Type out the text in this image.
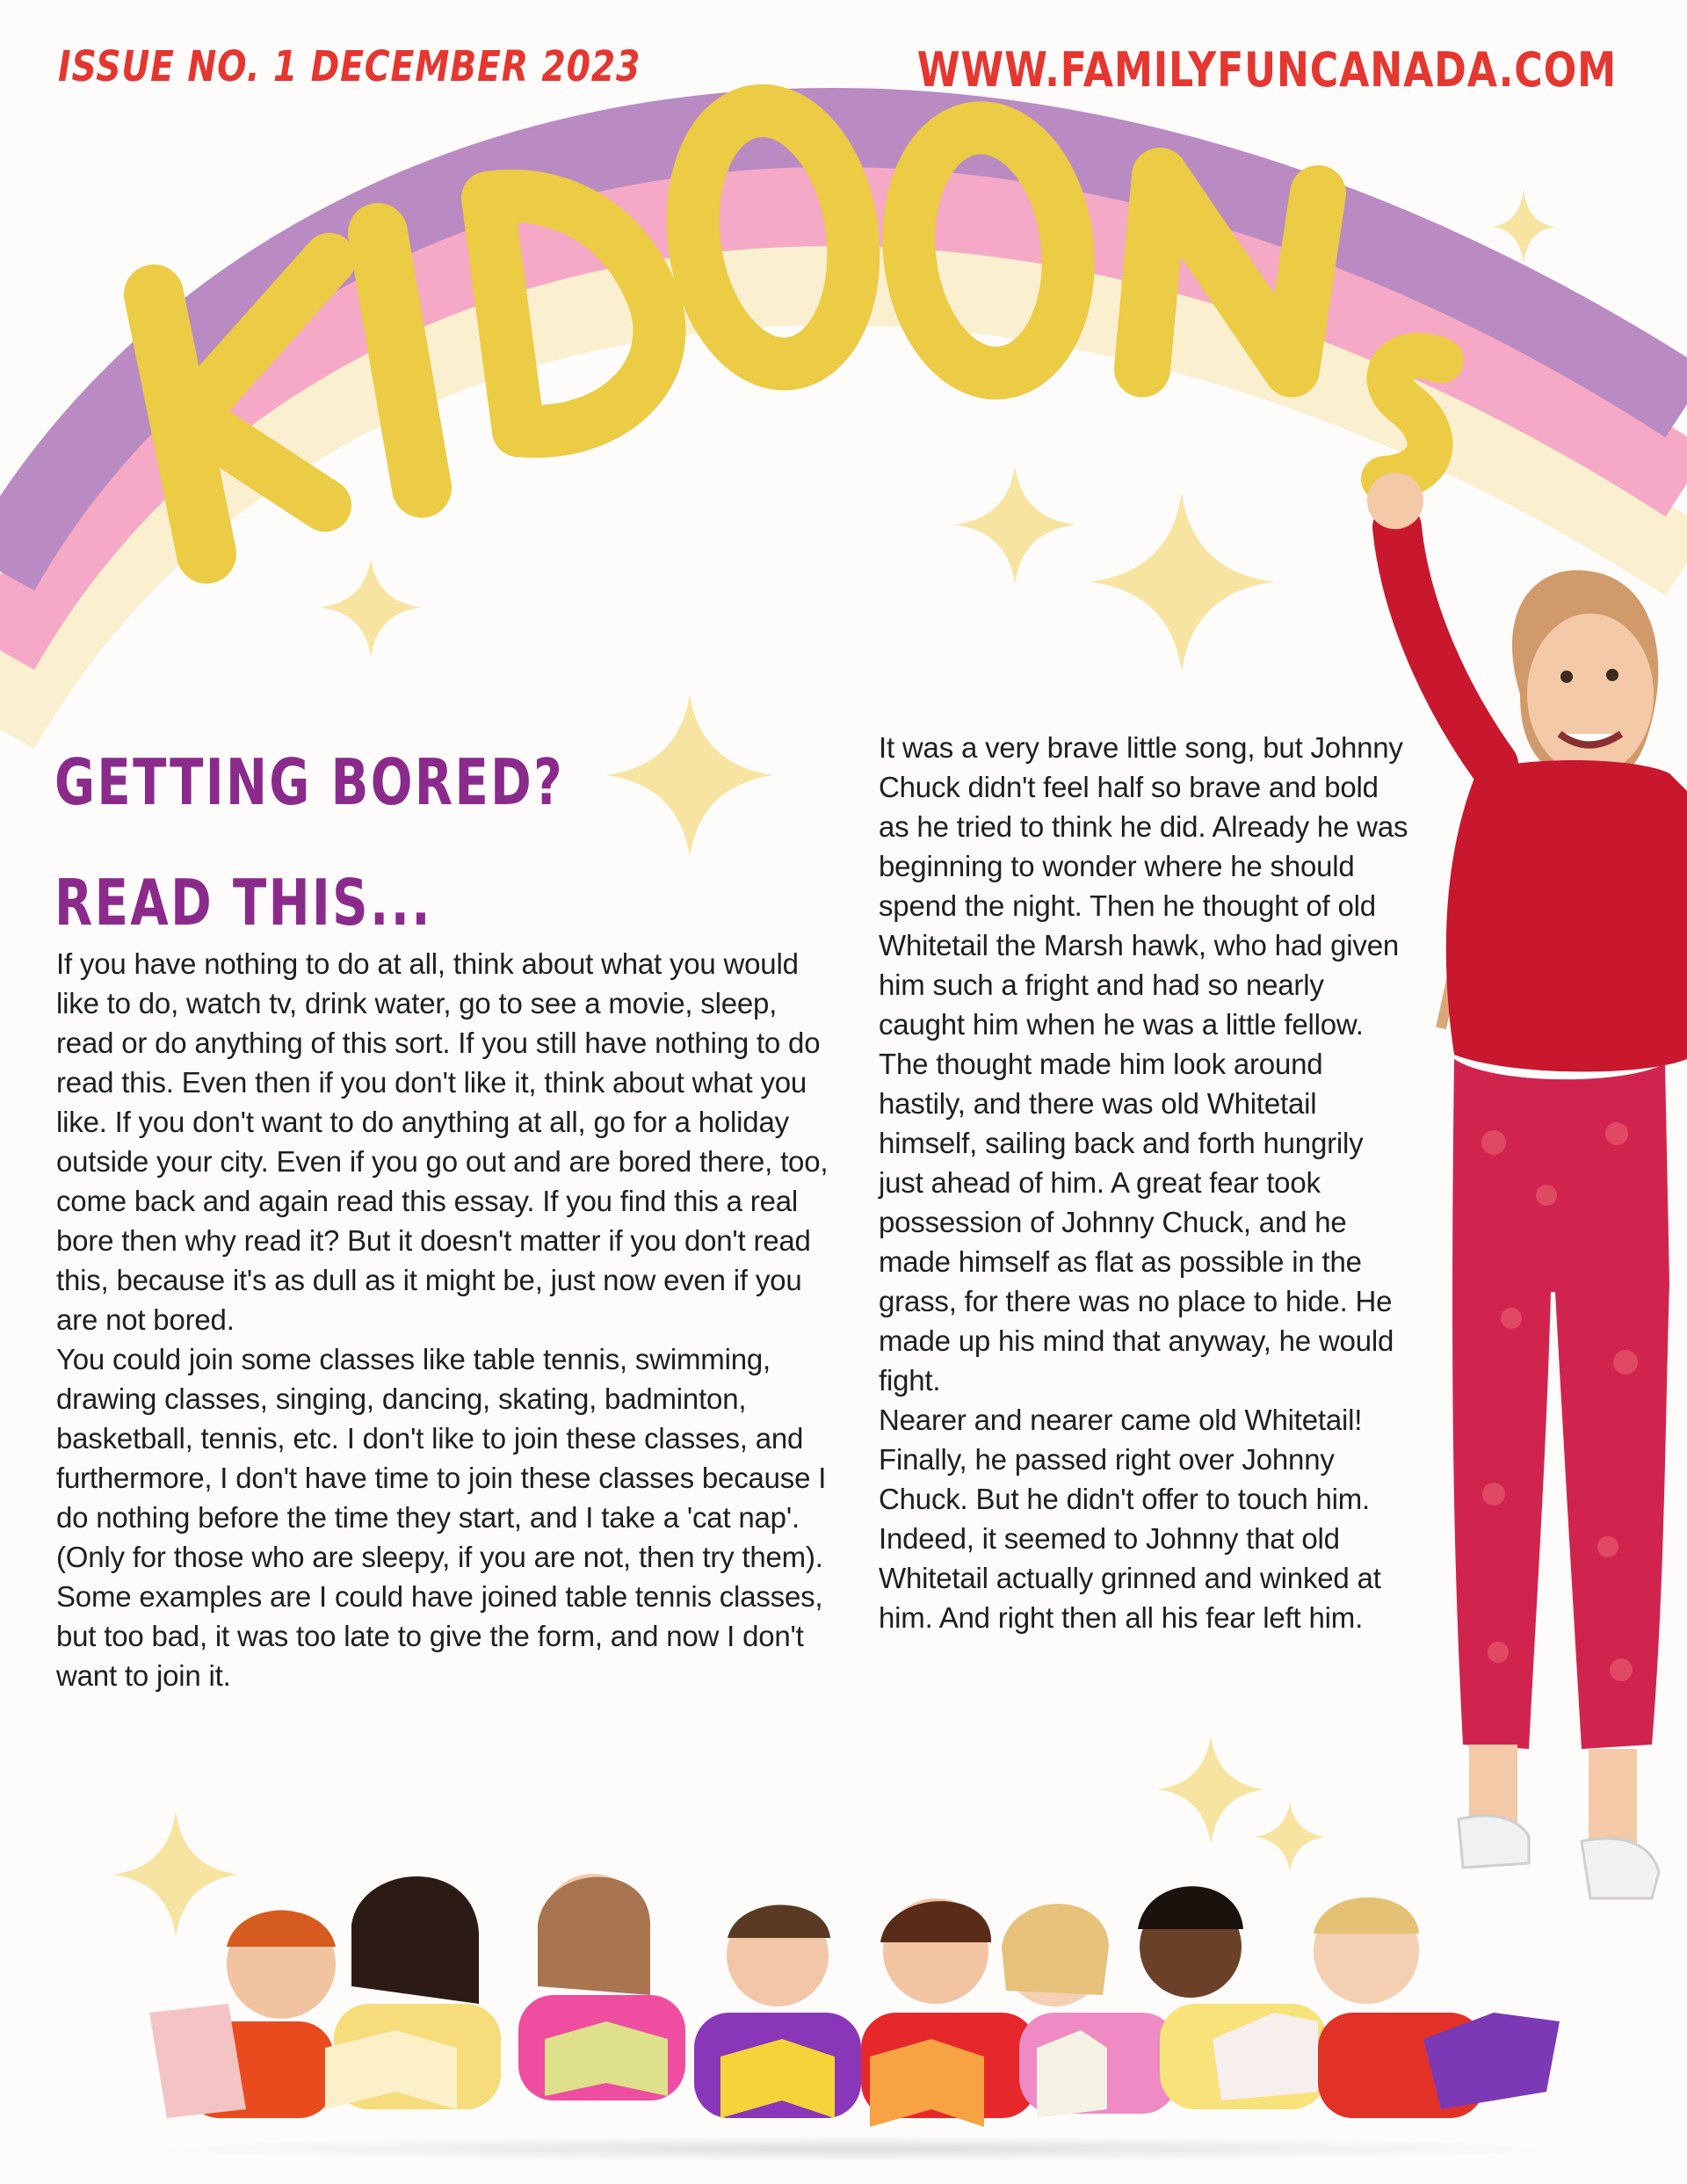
ISSUE NO. 1 DECEMBER 2023	WWW.FAMILYFUNCANADA.COM
GETTING BORED?
READ THIS...

If you have nothing to do at all, think about what you would like to do, watch tv, drink water, go to see a movie, sleep, read or do anything of this sort. If you still have nothing to do read this. Even then if you don't like it, think about what you like. If you don't want to do anything at all, go for a holiday outside your city. Even if you go out and are bored there, too, come back and again read this essay. If you find this a real bore then why read it? But it doesn't matter if you don't read this, because it's as dull as it might be, just now even if you are not bored.

You could join some classes like table tennis, swimming, drawing classes, singing, dancing, skating, badminton, basketball, tennis, etc. I don't like to join these classes, and furthermore, I don't have time to join these classes because I do nothing before the time they start, and I take a 'cat nap'. (Only for those who are sleepy, if you are not, then try them). Some examples are I could have joined table tennis classes, but too bad, it was too late to give the form, and now I don't want to join it.

It was a very brave little song, but Johnny Chuck didn't feel half so brave and bold as he tried to think he did. Already he was beginning to wonder where he should spend the night. Then he thought of old Whitetail the Marsh hawk, who had given him such a fright and had so nearly caught him when he was a little fellow. The thought made him look around hastily, and there was old Whitetail himself, sailing back and forth hungrily just ahead of him. A great fear took possession of Johnny Chuck, and he made himself as flat as possible in the grass, for there was no place to hide. He made up his mind that anyway, he would fight.

Nearer and nearer came old Whitetail! Finally, he passed right over Johnny Chuck. But he didn't offer to touch him. Indeed, it seemed to Johnny that old Whitetail actually grinned and winked at him. And right then all his fear left him.
